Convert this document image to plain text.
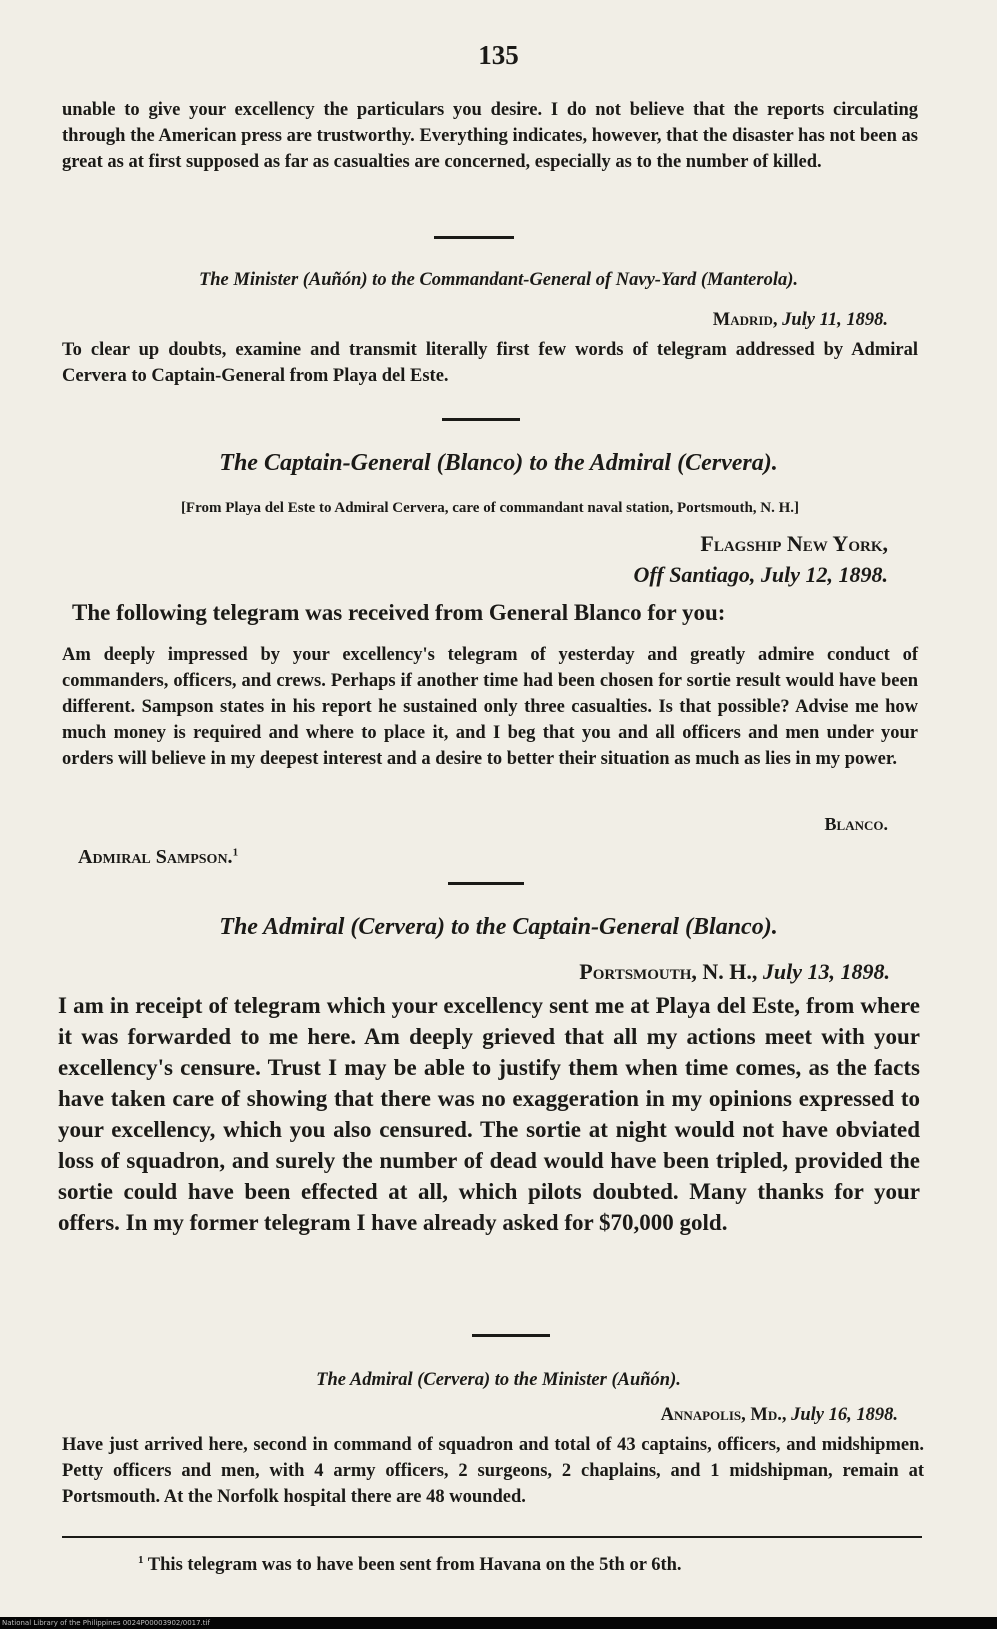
135
unable to give your excellency the particulars you desire. I do not believe that the reports circulating through the American press are trustworthy. Everything indicates, however, that the disaster has not been as great as at first supposed as far as casualties are concerned, especially as to the number of killed.
The Minister (Auñón) to the Commandant-General of Navy-Yard (Manterola).
Madrid, July 11, 1898.
To clear up doubts, examine and transmit literally first few words of telegram addressed by Admiral Cervera to Captain-General from Playa del Este.
The Captain-General (Blanco) to the Admiral (Cervera).
[From Playa del Este to Admiral Cervera, care of commandant naval station, Portsmouth, N. H.]
Flagship New York,
Off Santiago, July 12, 1898.
The following telegram was received from General Blanco for you:
Am deeply impressed by your excellency's telegram of yesterday and greatly admire conduct of commanders, officers, and crews. Perhaps if another time had been chosen for sortie result would have been different. Sampson states in his report he sustained only three casualties. Is that possible? Advise me how much money is required and where to place it, and I beg that you and all officers and men under your orders will believe in my deepest interest and a desire to better their situation as much as lies in my power.
Blanco.
Admiral Sampson.$^1$
The Admiral (Cervera) to the Captain-General (Blanco).
Portsmouth, N. H., July 13, 1898.
I am in receipt of telegram which your excellency sent me at Playa del Este, from where it was forwarded to me here. Am deeply grieved that all my actions meet with your excellency's censure. Trust I may be able to justify them when time comes, as the facts have taken care of showing that there was no exaggeration in my opinions expressed to your excellency, which you also censured. The sortie at night would not have obviated loss of squadron, and surely the number of dead would have been tripled, provided the sortie could have been effected at all, which pilots doubted. Many thanks for your offers. In my former telegram I have already asked for $70,000 gold.
The Admiral (Cervera) to the Minister (Auñón).
Annapolis, Md., July 16, 1898.
Have just arrived here, second in command of squadron and total of 43 captains, officers, and midshipmen. Petty officers and men, with 4 army officers, 2 surgeons, 2 chaplains, and 1 midshipman, remain at Portsmouth. At the Norfolk hospital there are 48 wounded.
$^1$ This telegram was to have been sent from Havana on the 5th or 6th.
National Library of the Philippines 0024P00003902/0017.tif
